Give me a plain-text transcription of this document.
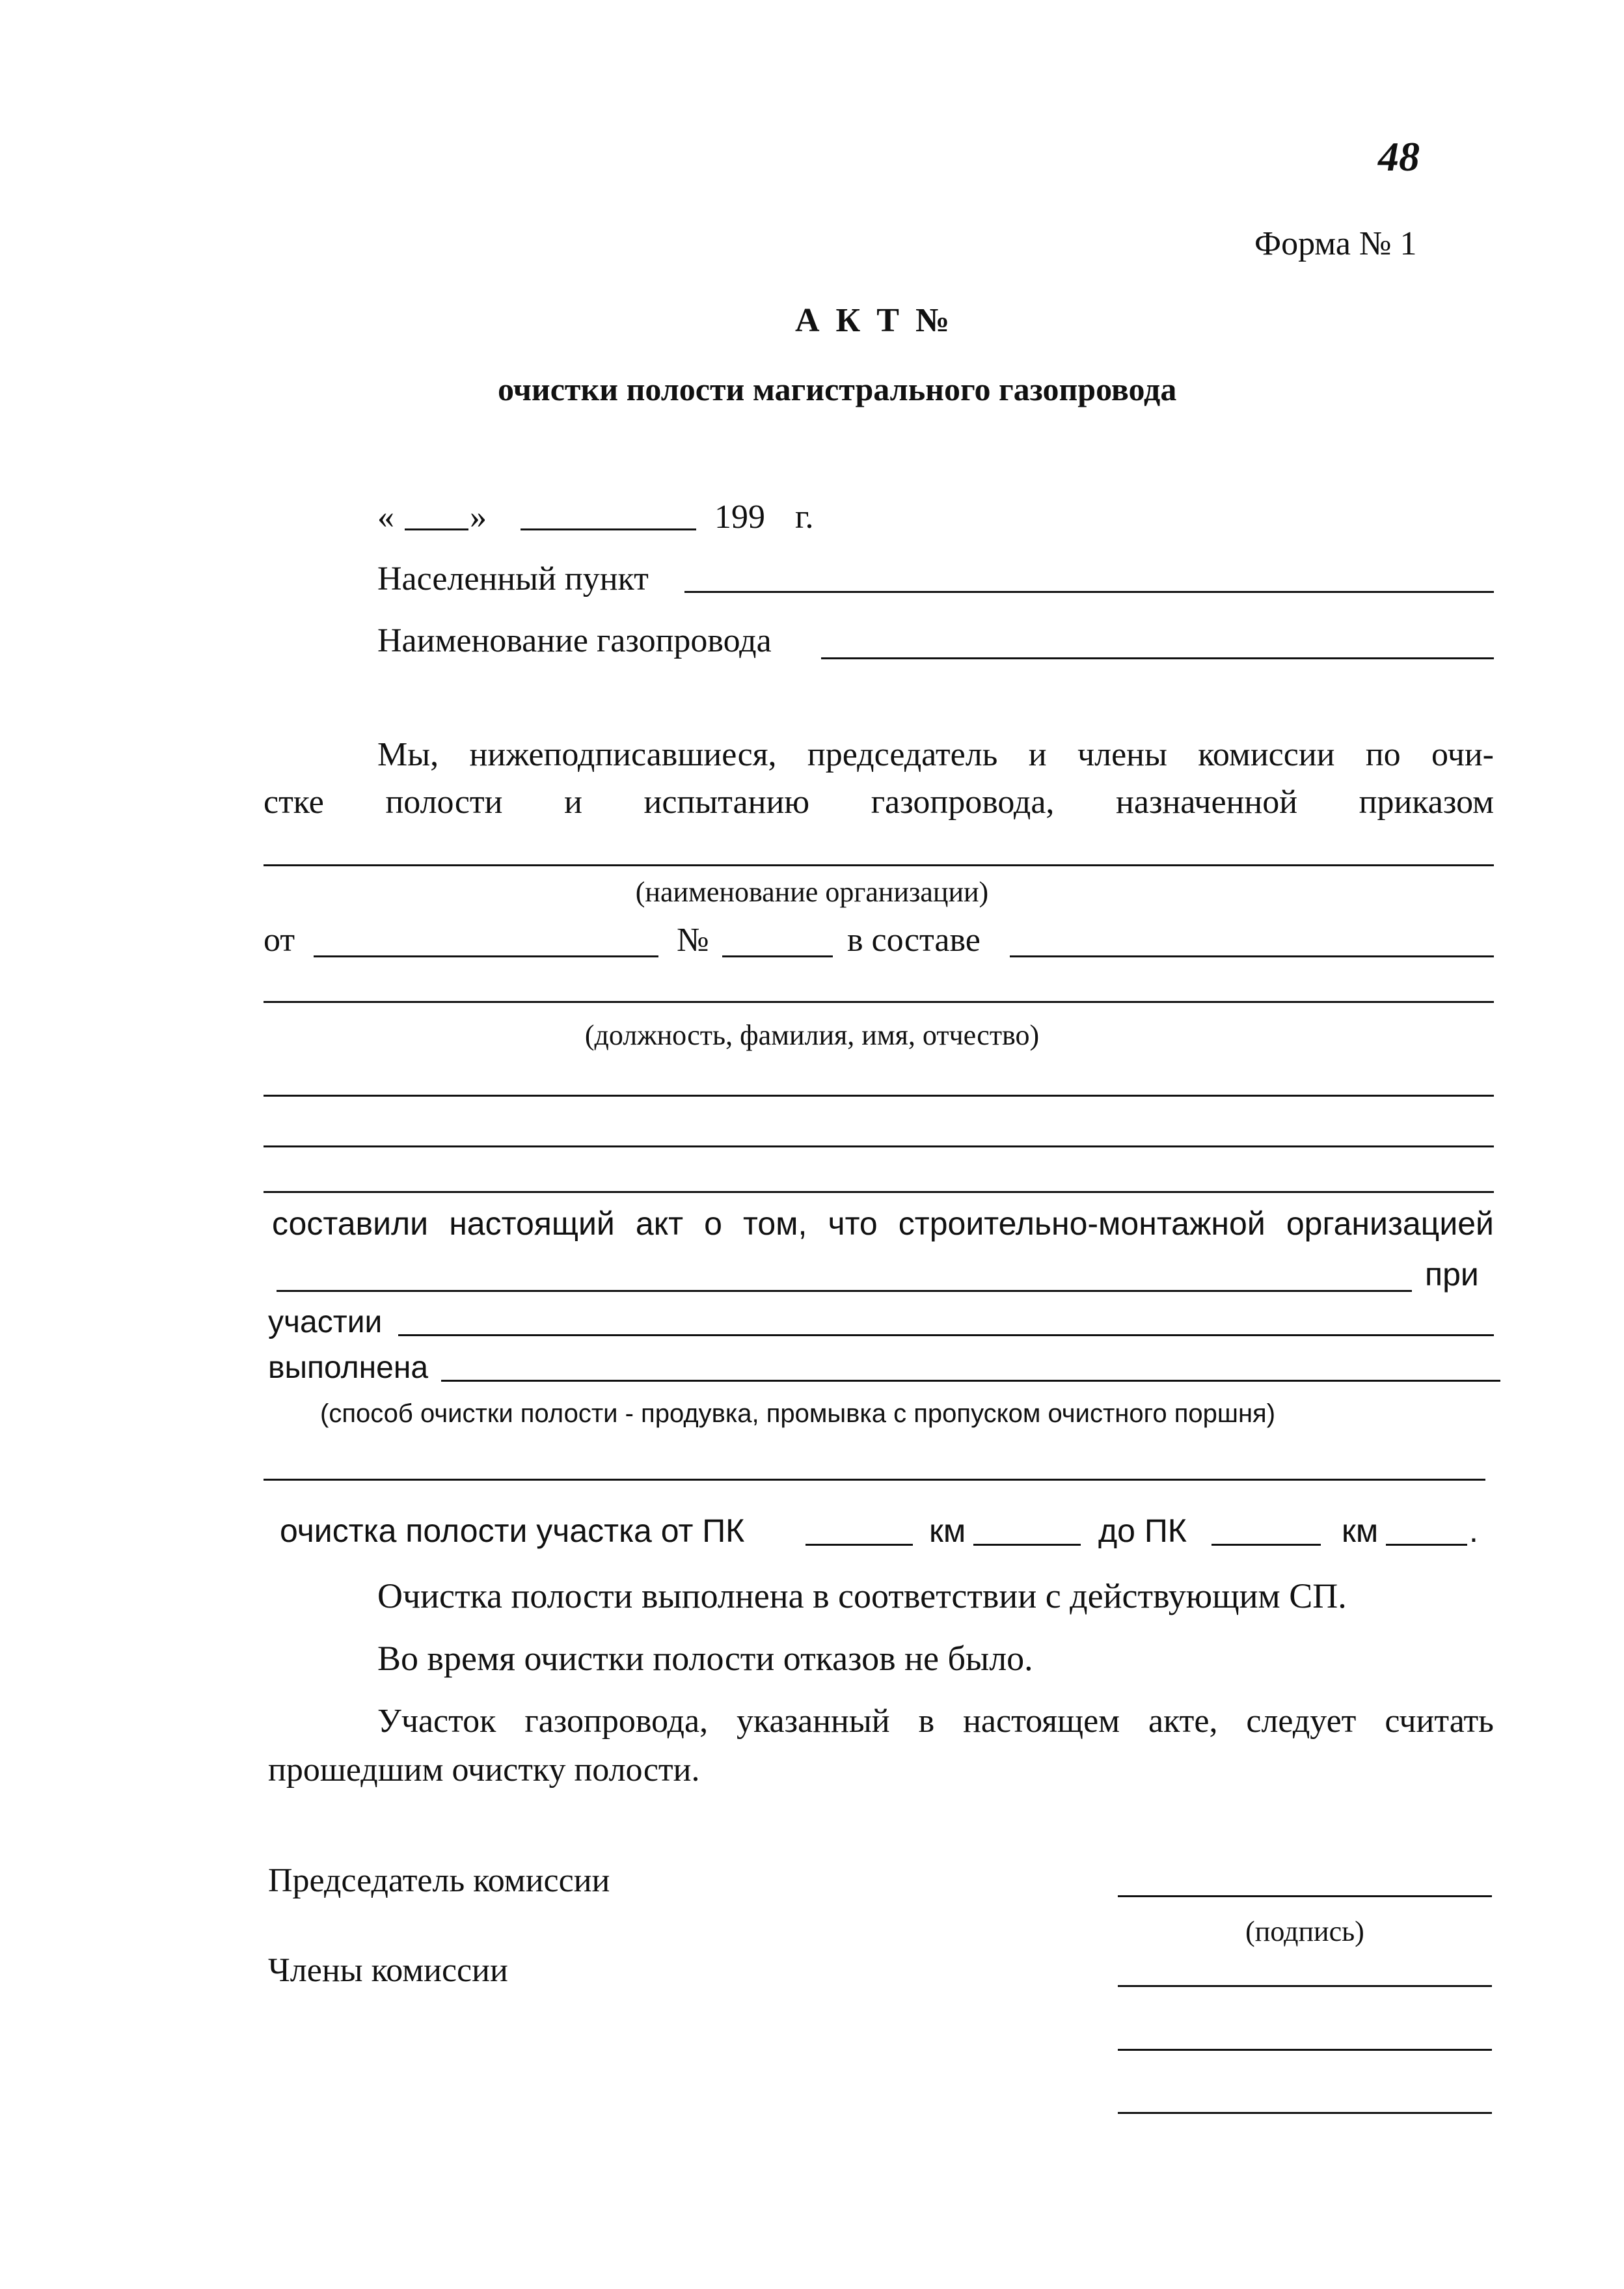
48
Форма № 1
А К Т №
очистки полости магистрального газопровода
« »	199 г.
Населенный пункт
Наименование газопровода
Мы, нижеподписавшиеся, председатель и члены комиссии по очи-
стке полости и испытанию газопровода, назначенной приказом
(наименование организации)
от	№	в составе
(должность, фамилия, имя, отчество)
составили настоящий акт о том, что строительно-монтажной организацией
при
участии
выполнена
(способ очистки полости - продувка, промывка с пропуском очистного поршня)
очистка полости участка от ПК	км	до ПК	км	.
Очистка полости выполнена в соответствии с действующим СП.
Во время очистки полости отказов не было.
Участок газопровода, указанный в настоящем акте, следует считать
прошедшим очистку полости.
Председатель комиссии
(подпись)
Члены комиссии
